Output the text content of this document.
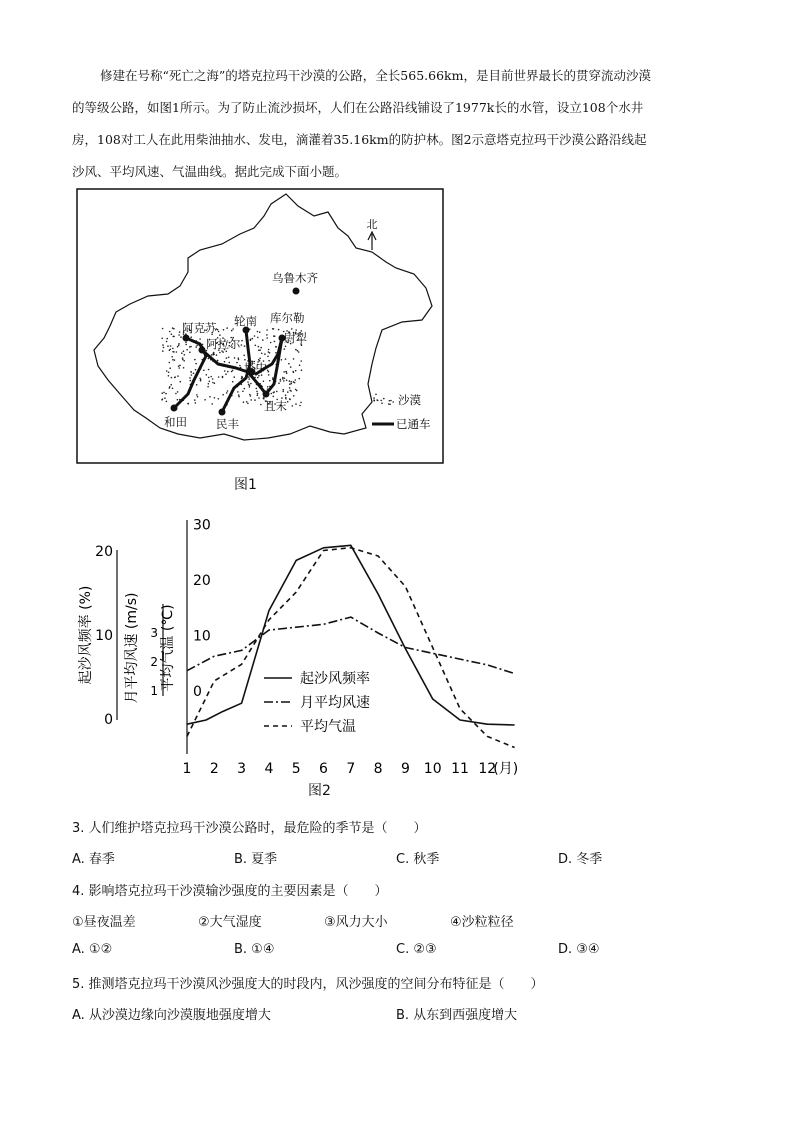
修建在号称“死亡之海”的塔克拉玛干沙漠的公路，全长565.66km，是目前世界最长的贯穿流动沙漠
的等级公路，如图1所示。为了防止流沙损坏，人们在公路沿线铺设了1977k长的水管，设立108个水井
房，108对工人在此用柴油抽水、发电，滴灌着35.16km的防护林。图2示意塔克拉玛干沙漠公路沿线起
沙风、平均风速、气温曲线。据此完成下面小题。
北
乌鲁木齐
阿克苏
阿拉尔
轮南 库尔勒
尉犁
塔中
和田	民丰
且末	沙漠
已通车
图1
0
10
20
1
2
3
0
10
20
30
起沙风频率 (%) 月平均风速 (m/s) 平均气温 (℃)
1 2 3 4 5 6 7 8 9 10 11 12
(月)
起沙风频率
月平均风速
平均气温
图2
3. 人们维护塔克拉玛干沙漠公路时，最危险的季节是（　　）
A. 春季	B. 夏季	C. 秋季	D. 冬季
4. 影响塔克拉玛干沙漠输沙强度的主要因素是（　　）
①昼夜温差	②大气湿度	③风力大小	④沙粒粒径
A. ①②	B. ①④	C. ②③	D. ③④
5. 推测塔克拉玛干沙漠风沙强度大的时段内，风沙强度的空间分布特征是（　　）
A. 从沙漠边缘向沙漠腹地强度增大	B. 从东到西强度增大
